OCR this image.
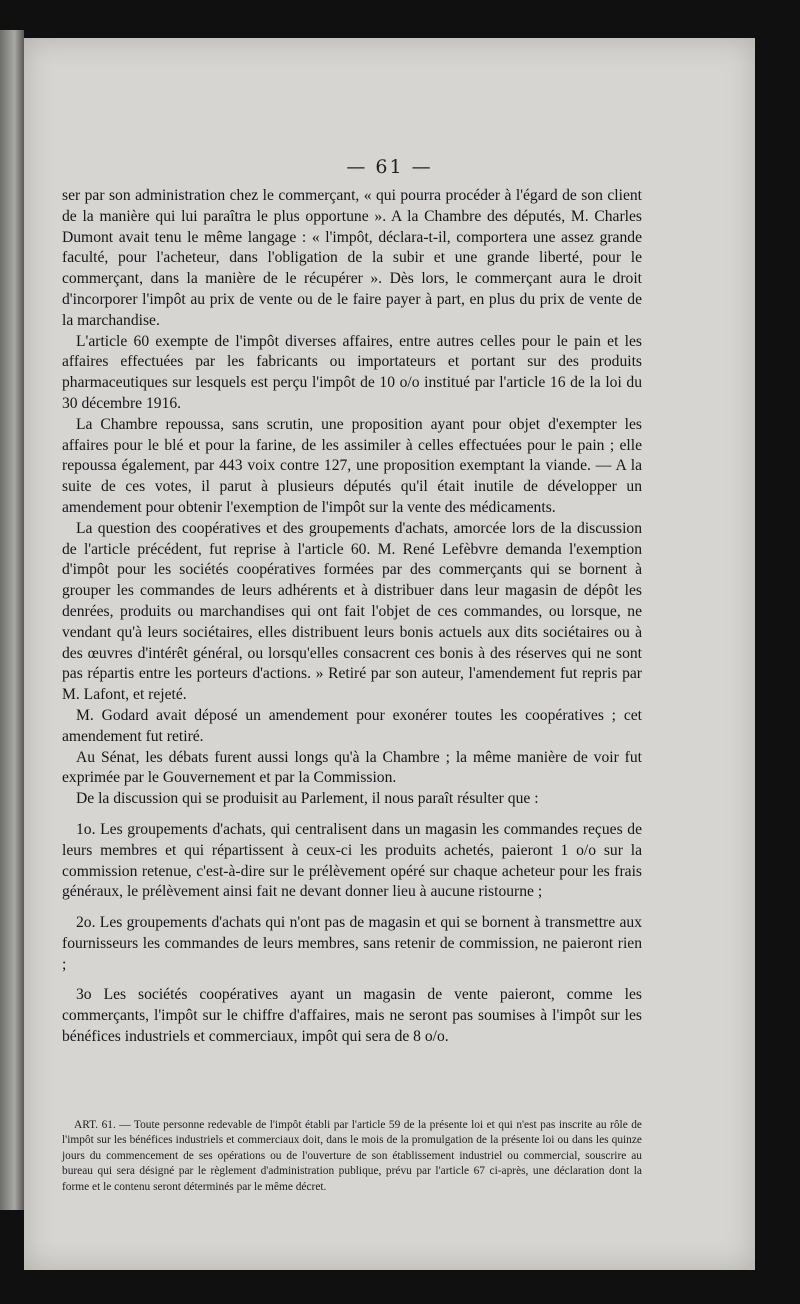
— 61 —

ser par son administration chez le commerçant, « qui pourra procéder à l'égard de son client de la manière qui lui paraîtra le plus opportune ». A la Chambre des députés, M. Charles Dumont avait tenu le même langage : « l'impôt, déclara-t-il, comportera une assez grande faculté, pour l'acheteur, dans l'obligation de la subir et une grande liberté, pour le commerçant, dans la manière de le récupérer ». Dès lors, le commerçant aura le droit d'incorporer l'impôt au prix de vente ou de le faire payer à part, en plus du prix de vente de la marchandise.

L'article 60 exempte de l'impôt diverses affaires, entre autres celles pour le pain et les affaires effectuées par les fabricants ou importateurs et portant sur des produits pharmaceutiques sur lesquels est perçu l'impôt de 10 o/o institué par l'article 16 de la loi du 30 décembre 1916.

La Chambre repoussa, sans scrutin, une proposition ayant pour objet d'exempter les affaires pour le blé et pour la farine, de les assimiler à celles effectuées pour le pain ; elle repoussa également, par 443 voix contre 127, une proposition exemptant la viande. — A la suite de ces votes, il parut à plusieurs députés qu'il était inutile de développer un amendement pour obtenir l'exemption de l'impôt sur la vente des médicaments.

La question des coopératives et des groupements d'achats, amorcée lors de la discussion de l'article précédent, fut reprise à l'article 60. M. René Lefèbvre demanda l'exemption d'impôt pour les sociétés coopératives formées par des commerçants qui se bornent à grouper les commandes de leurs adhérents et à distribuer dans leur magasin de dépôt les denrées, produits ou marchandises qui ont fait l'objet de ces commandes, ou lorsque, ne vendant qu'à leurs sociétaires, elles distribuent leurs bonis actuels aux dits sociétaires ou à des œuvres d'intérêt général, ou lorsqu'elles consacrent ces bonis à des réserves qui ne sont pas répartis entre les porteurs d'actions. » Retiré par son auteur, l'amendement fut repris par M. Lafont, et rejeté.

M. Godard avait déposé un amendement pour exonérer toutes les coopératives ; cet amendement fut retiré.

Au Sénat, les débats furent aussi longs qu'à la Chambre ; la même manière de voir fut exprimée par le Gouvernement et par la Commission.

De la discussion qui se produisit au Parlement, il nous paraît résulter que :

1o. Les groupements d'achats, qui centralisent dans un magasin les commandes reçues de leurs membres et qui répartissent à ceux-ci les produits achetés, paieront 1 o/o sur la commission retenue, c'est-à-dire sur le prélèvement opéré sur chaque acheteur pour les frais généraux, le prélèvement ainsi fait ne devant donner lieu à aucune ristourne ;

2o. Les groupements d'achats qui n'ont pas de magasin et qui se bornent à transmettre aux fournisseurs les commandes de leurs membres, sans retenir de commission, ne paieront rien ;

3o Les sociétés coopératives ayant un magasin de vente paieront, comme les commerçants, l'impôt sur le chiffre d'affaires, mais ne seront pas soumises à l'impôt sur les bénéfices industriels et commerciaux, impôt qui sera de 8 o/o.

ART. 61. — Toute personne redevable de l'impôt établi par l'article 59 de la présente loi et qui n'est pas inscrite au rôle de l'impôt sur les bénéfices industriels et commerciaux doit, dans le mois de la promulgation de la présente loi ou dans les quinze jours du commencement de ses opérations ou de l'ouverture de son établissement industriel ou commercial, souscrire au bureau qui sera désigné par le règlement d'administration publique, prévu par l'article 67 ci-après, une déclaration dont la forme et le contenu seront déterminés par le même décret.
